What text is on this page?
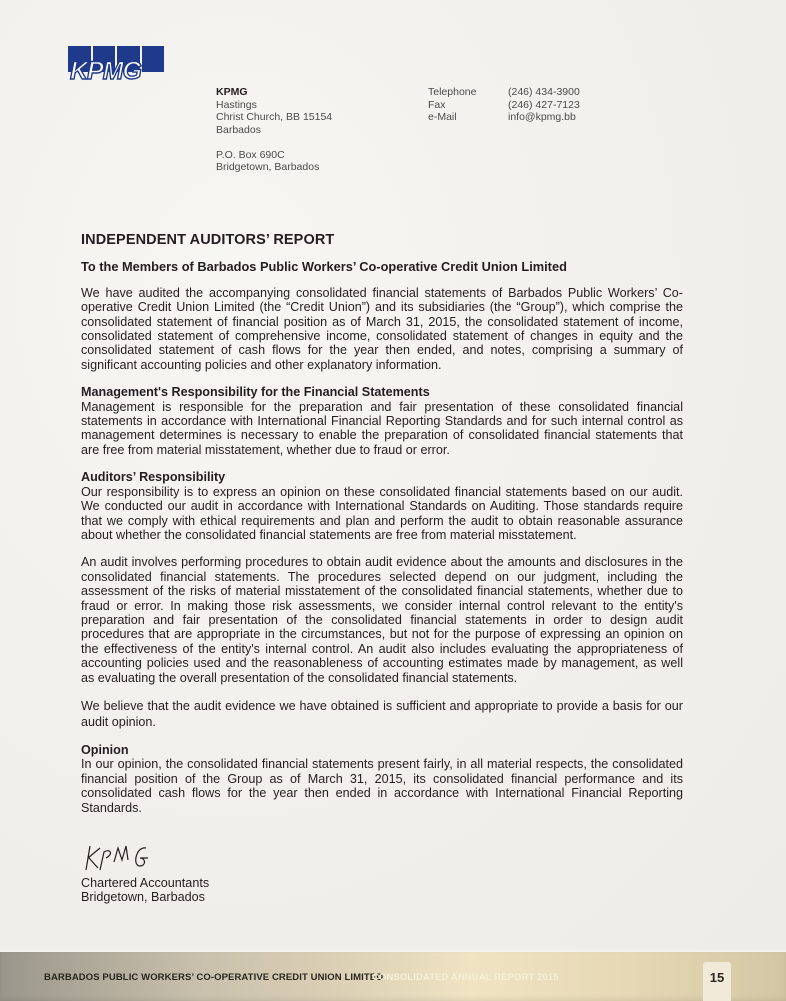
KPMG
KPMG
Hastings
Christ Church, BB 15154
Barbados
P.O. Box 690C
Bridgetown, Barbados
Telephone	(246) 434-3900
Fax	(246) 427-7123
e-Mail	info@kpmg.bb
INDEPENDENT AUDITORS’ REPORT
To the Members of Barbados Public Workers’ Co-operative Credit Union Limited

We have audited the accompanying consolidated financial statements of Barbados Public Workers’ Co-operative Credit Union Limited (the “Credit Union”) and its subsidiaries (the “Group”), which comprise the consolidated statement of financial position as of March 31, 2015, the consolidated statement of income, consolidated statement of comprehensive income, consolidated statement of changes in equity and the consolidated statement of cash flows for the year then ended, and notes, comprising a summary of significant accounting policies and other explanatory information.

Management's Responsibility for the Financial Statements

Management is responsible for the preparation and fair presentation of these consolidated financial statements in accordance with International Financial Reporting Standards and for such internal control as management determines is necessary to enable the preparation of consolidated financial statements that are free from material misstatement, whether due to fraud or error.

Auditors’ Responsibility

Our responsibility is to express an opinion on these consolidated financial statements based on our audit. We conducted our audit in accordance with International Standards on Auditing. Those standards require that we comply with ethical requirements and plan and perform the audit to obtain reasonable assurance about whether the consolidated financial statements are free from material misstatement.

An audit involves performing procedures to obtain audit evidence about the amounts and disclosures in the consolidated financial statements. The procedures selected depend on our judgment, including the assessment of the risks of material misstatement of the consolidated financial statements, whether due to fraud or error. In making those risk assessments, we consider internal control relevant to the entity's preparation and fair presentation of the consolidated financial statements in order to design audit procedures that are appropriate in the circumstances, but not for the purpose of expressing an opinion on the effectiveness of the entity's internal control. An audit also includes evaluating the appropriateness of accounting policies used and the reasonableness of accounting estimates made by management, as well as evaluating the overall presentation of the consolidated financial statements.

We believe that the audit evidence we have obtained is sufficient and appropriate to provide a basis for our audit opinion.

Opinion

In our opinion, the consolidated financial statements present fairly, in all material respects, the consolidated financial position of the Group as of March 31, 2015, its consolidated financial performance and its consolidated cash flows for the year then ended in accordance with International Financial Reporting Standards.

Chartered Accountants
Bridgetown, Barbados
BARBADOS PUBLIC WORKERS’ CO-OPERATIVE CREDIT UNION LIMITED
CONSOLIDATED ANNUAL REPORT 2015	15
